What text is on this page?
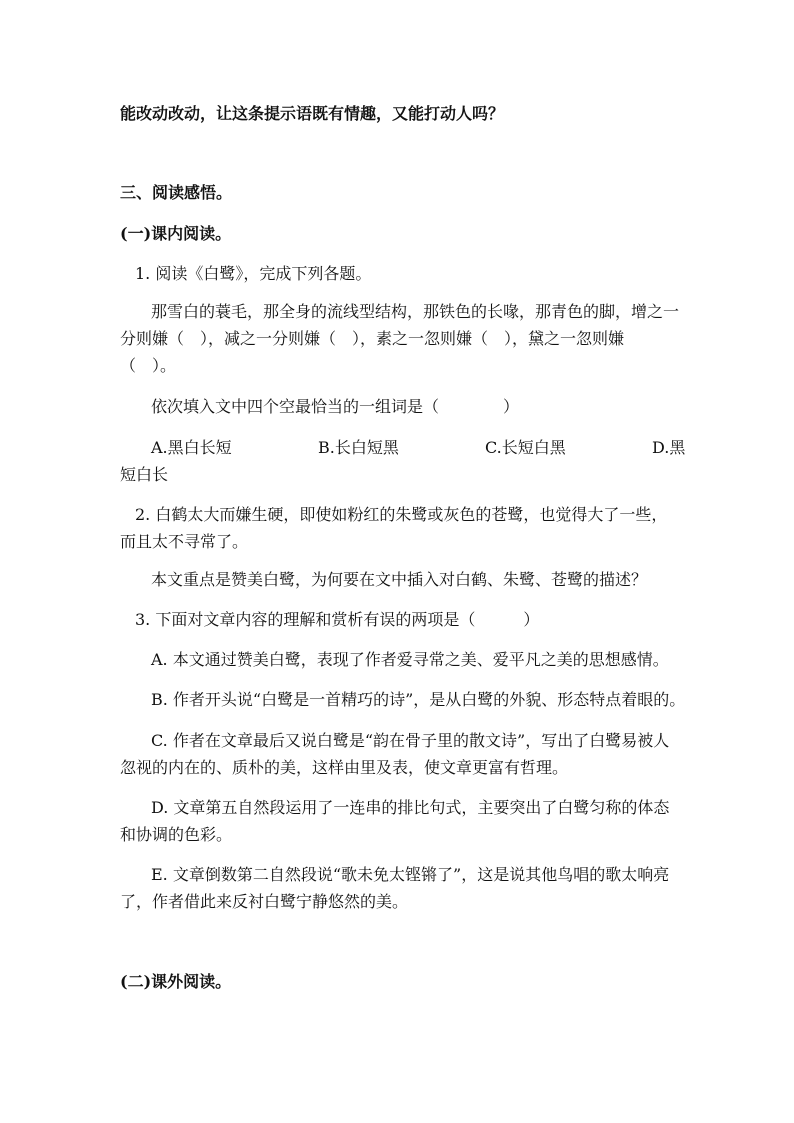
能改动改动，让这条提示语既有情趣，又能打动人吗？
三、阅读感悟。
(一)课内阅读。
1. 阅读《白鹭》，完成下列各题。
那雪白的蓑毛，那全身的流线型结构，那铁色的长喙，那青色的脚，增之一
分则嫌（　），减之一分则嫌（　），素之一忽则嫌（　），黛之一忽则嫌
（　）。
依次填入文中四个空最恰当的一组词是（　　　　）
A.黑白长短	B.长白短黑	C.长短白黑	D.黑
短白长
2. 白鹤太大而嫌生硬，即使如粉红的朱鹭或灰色的苍鹭，也觉得大了一些，
而且太不寻常了。
本文重点是赞美白鹭，为何要在文中插入对白鹤、朱鹭、苍鹭的描述？
3. 下面对文章内容的理解和赏析有误的两项是（　　　）
A. 本文通过赞美白鹭，表现了作者爱寻常之美、爱平凡之美的思想感情。
B. 作者开头说“白鹭是一首精巧的诗”，是从白鹭的外貌、形态特点着眼的。
C. 作者在文章最后又说白鹭是“韵在骨子里的散文诗”，写出了白鹭易被人
忽视的内在的、质朴的美，这样由里及表，使文章更富有哲理。
D. 文章第五自然段运用了一连串的排比句式，主要突出了白鹭匀称的体态
和协调的色彩。
E. 文章倒数第二自然段说“歌未免太铿锵了”，这是说其他鸟唱的歌太响亮
了，作者借此来反衬白鹭宁静悠然的美。
(二)课外阅读。
